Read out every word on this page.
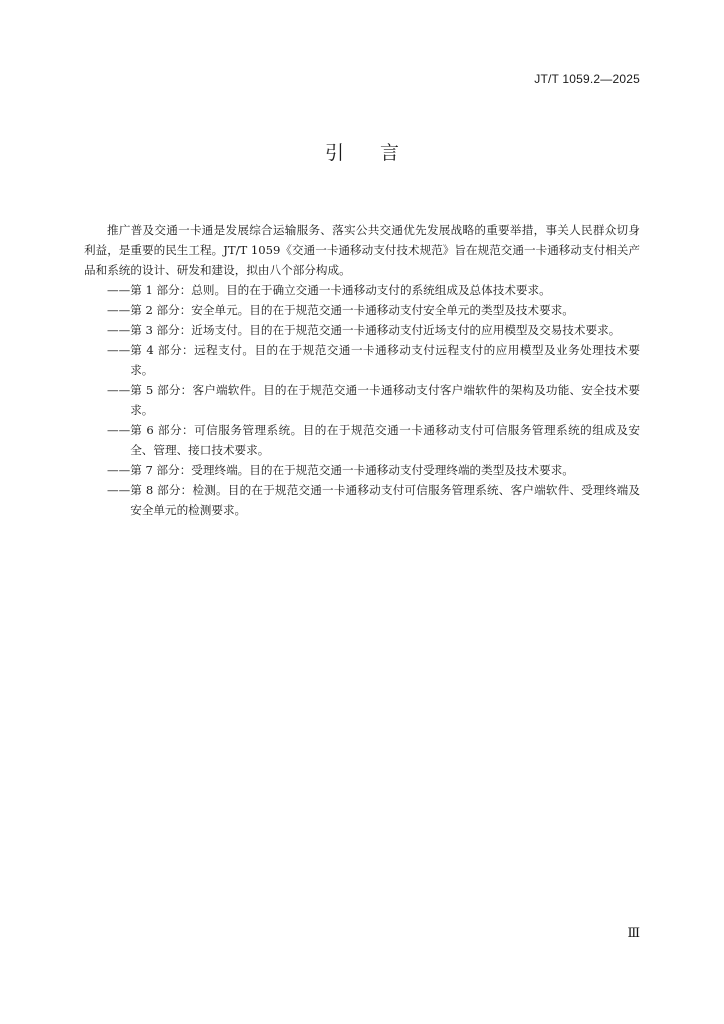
JT/T 1059.2—2025
引言

推广普及交通一卡通是发展综合运输服务、落实公共交通优先发展战略的重要举措，事关人民群众切身利益，是重要的民生工程。JT/T 1059《交通一卡通移动支付技术规范》旨在规范交通一卡通移动支付相关产品和系统的设计、研发和建设，拟由八个部分构成。

—— 第 1 部分：总则。目的在于确立交通一卡通移动支付的系统组成及总体技术要求。
—— 第 2 部分：安全单元。目的在于规范交通一卡通移动支付安全单元的类型及技术要求。
—— 第 3 部分：近场支付。目的在于规范交通一卡通移动支付近场支付的应用模型及交易技术要求。
—— 第 4 部分：远程支付。目的在于规范交通一卡通移动支付远程支付的应用模型及业务处理技术要求。
—— 第 5 部分：客户端软件。目的在于规范交通一卡通移动支付客户端软件的架构及功能、安全技术要求。
—— 第 6 部分：可信服务管理系统。目的在于规范交通一卡通移动支付可信服务管理系统的组成及安全、管理、接口技术要求。
—— 第 7 部分：受理终端。目的在于规范交通一卡通移动支付受理终端的类型及技术要求。
—— 第 8 部分：检测。目的在于规范交通一卡通移动支付可信服务管理系统、客户端软件、受理终端及安全单元的检测要求。
Ⅲ
